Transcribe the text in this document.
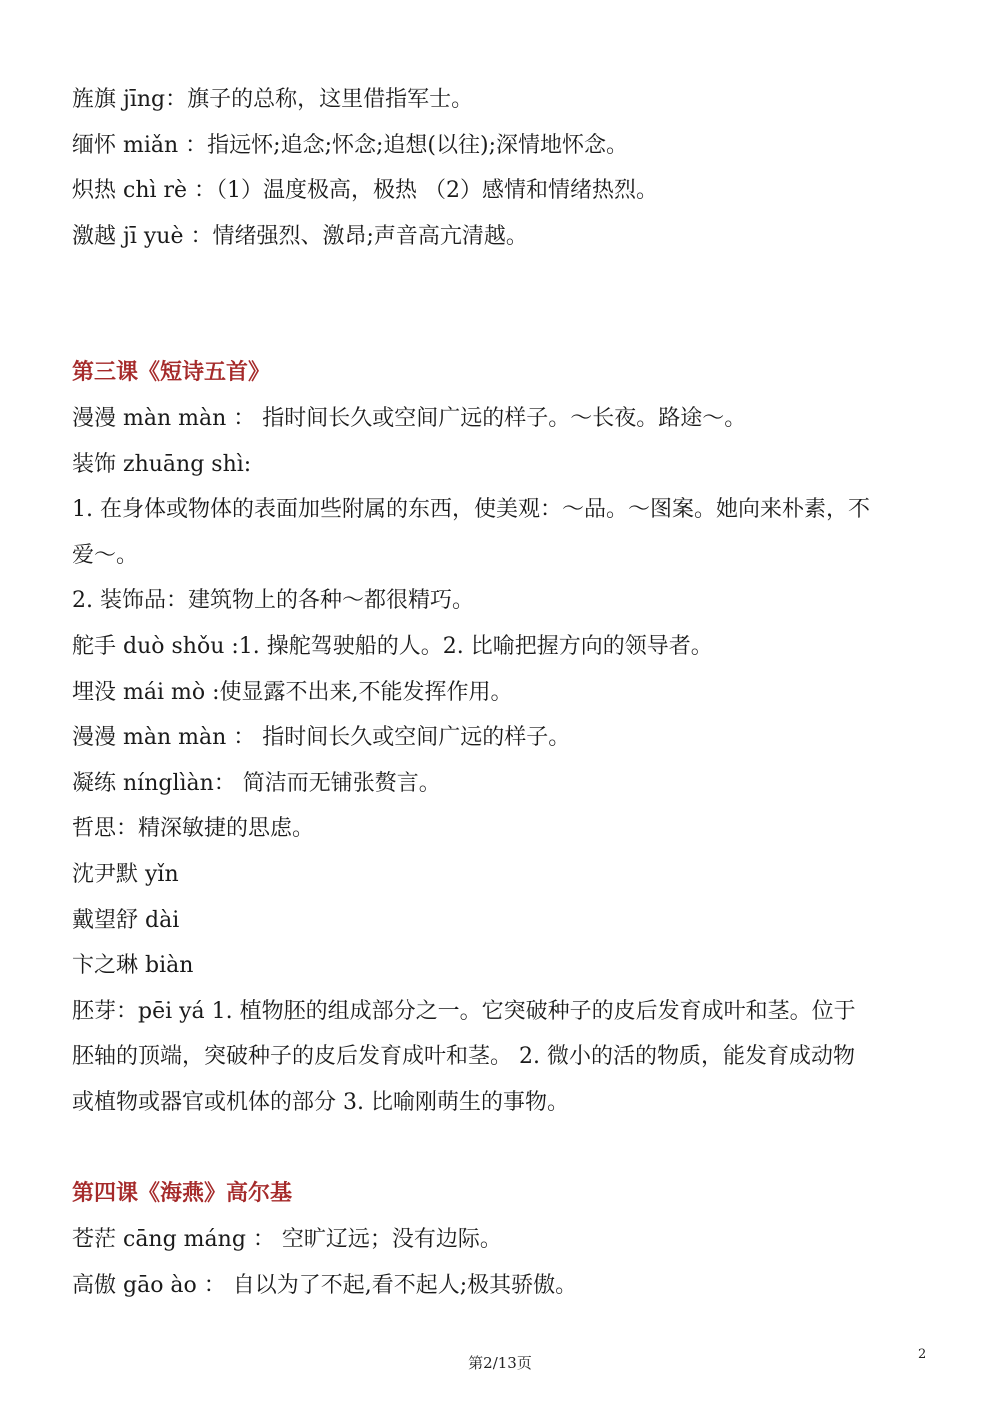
旌旗 jīng：旗子的总称，这里借指军士。
缅怀 miǎn ：指远怀;追念;怀念;追想(以往);深情地怀念。
炽热 chì rè ：（1）温度极高，极热 （2）感情和情绪热烈。
激越 jī yuè ：情绪强烈、激昂;声音高亢清越。
第三课《短诗五首》
漫漫 màn màn ： 指时间长久或空间广远的样子。～长夜。路途～。
装饰 zhuāng shì:
1. 在身体或物体的表面加些附属的东西，使美观：～品。～图案。她向来朴素，不
爱～。
2. 装饰品：建筑物上的各种～都很精巧。
舵手 duò shǒu :1. 操舵驾驶船的人。2. 比喻把握方向的领导者。
埋没 mái mò :使显露不出来,不能发挥作用。
漫漫 màn màn ： 指时间长久或空间广远的样子。
凝练 nínglìàn： 简洁而无铺张赘言。
哲思：精深敏捷的思虑。
沈尹默 yǐn
戴望舒 dài
卞之琳 biàn
胚芽：pēi yá 1. 植物胚的组成部分之一。它突破种子的皮后发育成叶和茎。位于
胚轴的顶端，突破种子的皮后发育成叶和茎。 2. 微小的活的物质，能发育成动物
或植物或器官或机体的部分 3. 比喻刚萌生的事物。
第四课《海燕》高尔基
苍茫 cāng máng ： 空旷辽远；没有边际。
高傲 gāo ào ： 自以为了不起,看不起人;极其骄傲。
第2/13页	2
